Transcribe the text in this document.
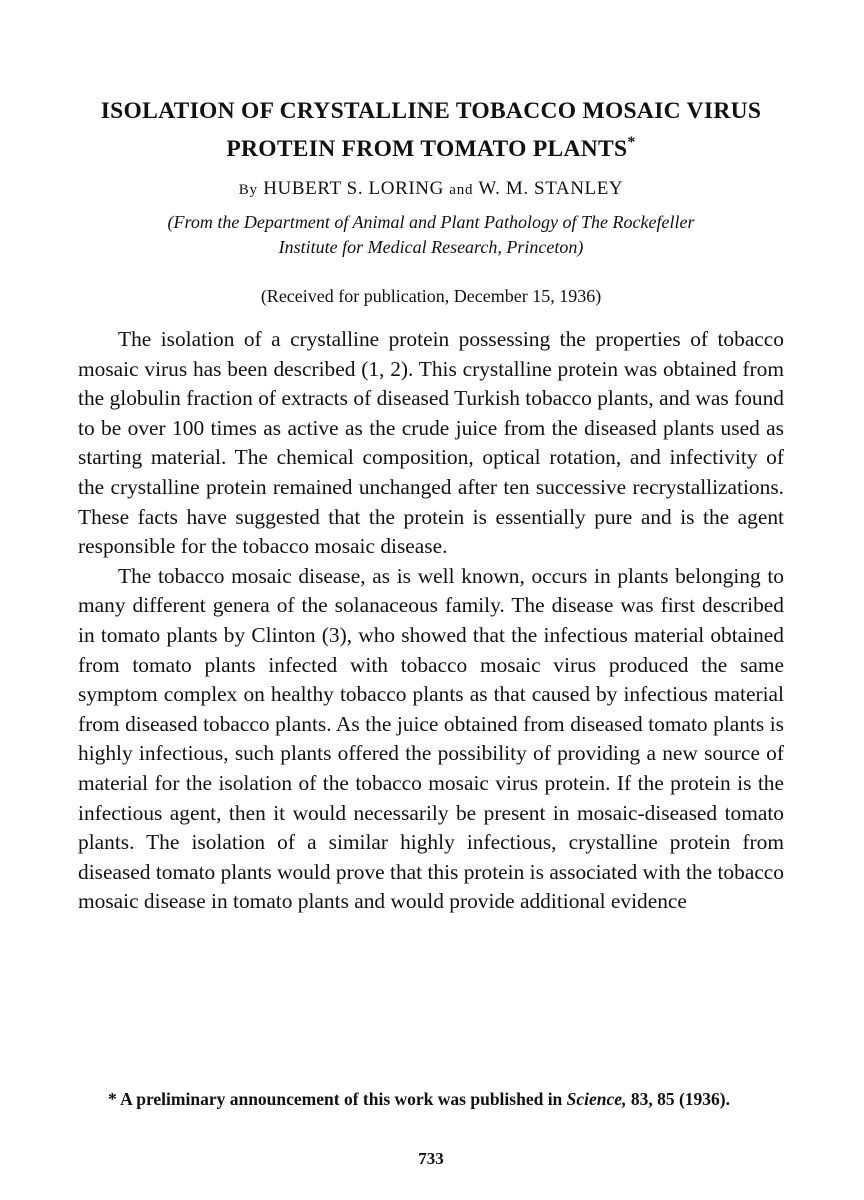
ISOLATION OF CRYSTALLINE TOBACCO MOSAIC VIRUS
PROTEIN FROM TOMATO PLANTS*
By HUBERT S. LORING and W. M. STANLEY
(From the Department of Animal and Plant Pathology of The Rockefeller
Institute for Medical Research, Princeton)
(Received for publication, December 15, 1936)

The isolation of a crystalline protein possessing the properties of tobacco mosaic virus has been described (1, 2). This crystalline protein was obtained from the globulin fraction of extracts of diseased Turkish tobacco plants, and was found to be over 100 times as active as the crude juice from the diseased plants used as starting material. The chemical composition, optical rotation, and infectivity of the crystalline protein remained unchanged after ten successive recrystallizations. These facts have suggested that the protein is essentially pure and is the agent responsible for the tobacco mosaic disease.

The tobacco mosaic disease, as is well known, occurs in plants belonging to many different genera of the solanaceous family. The disease was first described in tomato plants by Clinton (3), who showed that the infectious material obtained from tomato plants infected with tobacco mosaic virus produced the same symptom complex on healthy tobacco plants as that caused by infectious material from diseased tobacco plants. As the juice obtained from diseased tomato plants is highly infectious, such plants offered the possibility of providing a new source of material for the isolation of the tobacco mosaic virus protein. If the protein is the infectious agent, then it would necessarily be present in mosaic-diseased tomato plants. The isolation of a similar highly infectious, crystalline protein from diseased tomato plants would prove that this protein is associated with the tobacco mosaic disease in tomato plants and would provide additional evidence

* A preliminary announcement of this work was published in Science, 83, 85 (1936).
733
